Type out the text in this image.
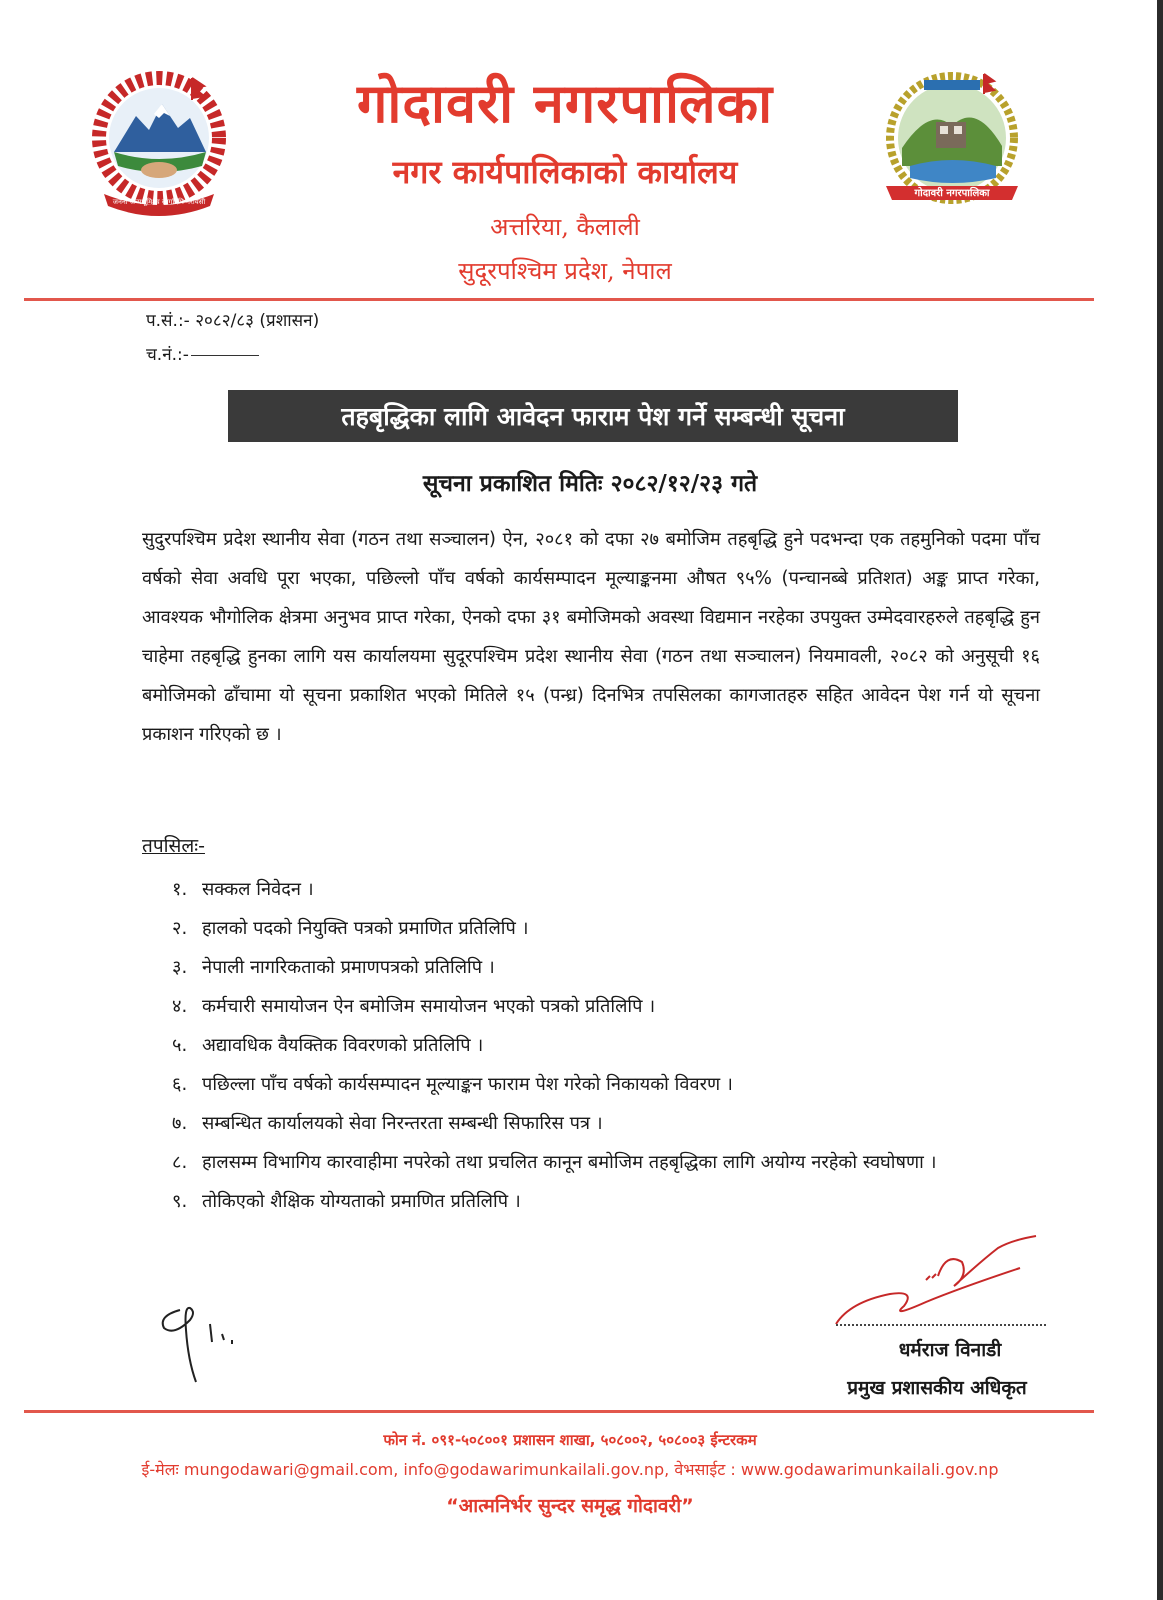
जननी जन्मभूमिश्च स्वर्गादपि गरीयसी
गोदावरी नगरपालिका
गोदावरी नगरपालिका
नगर कार्यपालिकाको कार्यालय
अत्तरिया, कैलाली
सुदूरपश्चिम प्रदेश, नेपाल
प.सं.:- २०८२/८३ (प्रशासन)
च.नं.:-
तहबृद्धिका लागि आवेदन फाराम पेश गर्ने सम्बन्धी सूचना
सूचना प्रकाशित मितिः २०८२/१२/२३ गते
सुदुरपश्चिम प्रदेश स्थानीय सेवा (गठन तथा सञ्चालन) ऐन, २०८१ को दफा २७ बमोजिम तहबृद्धि हुने पदभन्दा एक तहमुनिको पदमा पाँच वर्षको सेवा अवधि पूरा भएका, पछिल्लो पाँच वर्षको कार्यसम्पादन मूल्याङ्कनमा औषत ९५% (पन्चानब्बे प्रतिशत) अङ्क प्राप्त गरेका, आवश्यक भौगोलिक क्षेत्रमा अनुभव प्राप्त गरेका, ऐनको दफा ३१ बमोजिमको अवस्था विद्यमान नरहेका उपयुक्त उम्मेदवारहरुले तहबृद्धि हुन चाहेमा तहबृद्धि हुनका लागि यस कार्यालयमा सुदूरपश्चिम प्रदेश स्थानीय सेवा (गठन तथा सञ्चालन) नियमावली, २०८२ को अनुसूची १६ बमोजिमको ढाँचामा यो सूचना प्रकाशित भएको मितिले १५ (पन्ध्र) दिनभित्र तपसिलका कागजातहरु सहित आवेदन पेश गर्न यो सूचना प्रकाशन गरिएको छ ।
तपसिलः-
१. सक्कल निवेदन ।
२. हालको पदको नियुक्ति पत्रको प्रमाणित प्रतिलिपि ।
३. नेपाली नागरिकताको प्रमाणपत्रको प्रतिलिपि ।
४. कर्मचारी समायोजन ऐन बमोजिम समायोजन भएको पत्रको प्रतिलिपि ।
५. अद्यावधिक वैयक्तिक विवरणको प्रतिलिपि ।
६. पछिल्ला पाँच वर्षको कार्यसम्पादन मूल्याङ्कन फाराम पेश गरेको निकायको विवरण ।
७. सम्बन्धित कार्यालयको सेवा निरन्तरता सम्बन्धी सिफारिस पत्र ।
८. हालसम्म विभागिय कारवाहीमा नपरेको तथा प्रचलित कानून बमोजिम तहबृद्धिका लागि अयोग्य नरहेको स्वघोषणा ।
९. तोकिएको शैक्षिक योग्यताको प्रमाणित प्रतिलिपि ।
धर्मराज विनाडी
प्रमुख प्रशासकीय अधिकृत
फोन नं. ०९१-५०८००१ प्रशासन शाखा, ५०८००२, ५०८००३ ईन्टरकम
ई-मेलः mungodawari@gmail.com, info@godawarimunkailali.gov.np, वेभसाईट : www.godawarimunkailali.gov.np
“आत्मनिर्भर सुन्दर समृद्ध गोदावरी”
